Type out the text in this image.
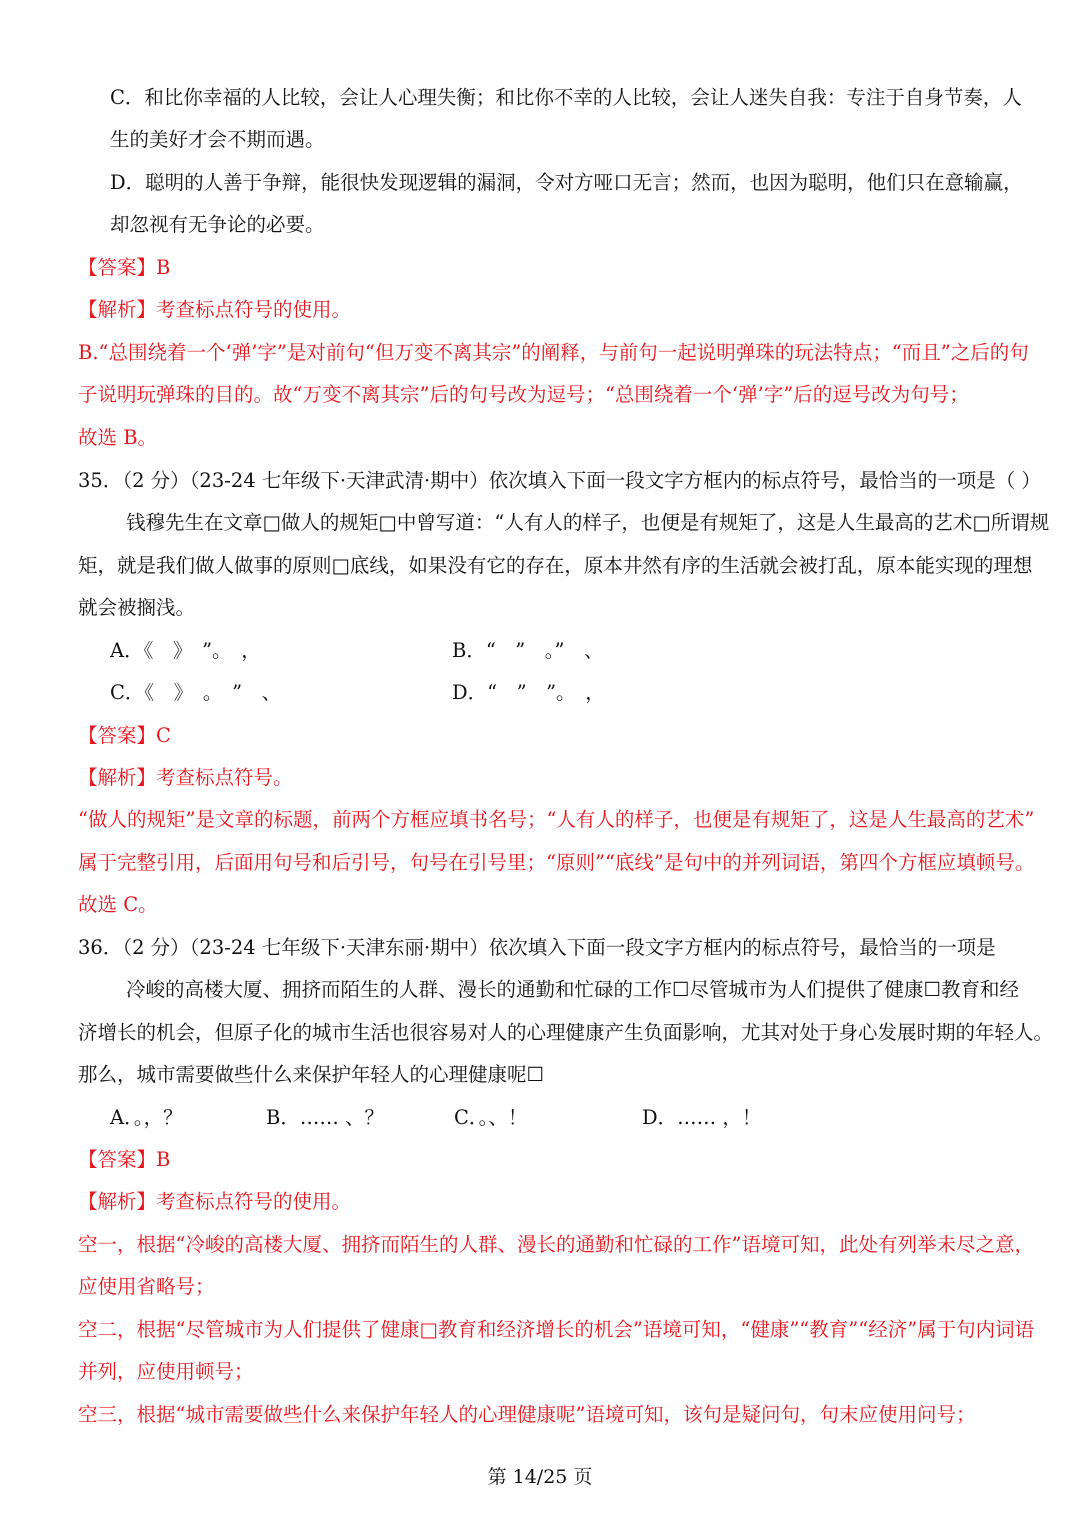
C．和比你幸福的人比较，会让人心理失衡；和比你不幸的人比较，会让人迷失自我：专注于自身节奏，人
生的美好才会不期而遇。
D．聪明的人善于争辩，能很快发现逻辑的漏洞，令对方哑口无言；然而，也因为聪明，他们只在意输赢，
却忽视有无争论的必要。
【答案】B
【解析】考查标点符号的使用。
B.“总围绕着一个‘弹’字”是对前句“但万变不离其宗”的阐释，与前句一起说明弹珠的玩法特点；“而且”之后的句
子说明玩弹珠的目的。故“万变不离其宗”后的句号改为逗号；“总围绕着一个‘弹’字”后的逗号改为句号；
故选 B。
35．（2 分）（23-24 七年级下·天津武清·期中）依次填入下面一段文字方框内的标点符号，最恰当的一项是（ ）
钱穆先生在文章□做人的规矩□中曾写道：“人有人的样子，也便是有规矩了，这是人生最高的艺术□所谓规
矩，就是我们做人做事的原则□底线，如果没有它的存在，原本井然有序的生活就会被打乱，原本能实现的理想
就会被搁浅。
A．《　》　”。　，	B．“　”　。”　、
C．《　》　。　”　、	D．“　”　”。　，
【答案】C
【解析】考查标点符号。
“做人的规矩”是文章的标题，前两个方框应填书名号；“人有人的样子，也便是有规矩了，这是人生最高的艺术”
属于完整引用，后面用句号和后引号，句号在引号里；“原则”“底线”是句中的并列词语，第四个方框应填顿号。
故选 C。
36．（2 分）（23-24 七年级下·天津东丽·期中）依次填入下面一段文字方框内的标点符号，最恰当的一项是
冷峻的高楼大厦、拥挤而陌生的人群、漫长的通勤和忙碌的工作☐尽管城市为人们提供了健康☐教育和经
济增长的机会，但原子化的城市生活也很容易对人的心理健康产生负面影响，尤其对处于身心发展时期的年轻人。
那么，城市需要做些什么来保护年轻人的心理健康呢☐
A．。，？	B．…… 、？	C．。、！	D．…… ，！
【答案】B
【解析】考查标点符号的使用。
空一，根据“冷峻的高楼大厦、拥挤而陌生的人群、漫长的通勤和忙碌的工作”语境可知，此处有列举未尽之意，
应使用省略号；
空二，根据“尽管城市为人们提供了健康□教育和经济增长的机会”语境可知，“健康”“教育”“经济”属于句内词语
并列，应使用顿号；
空三，根据“城市需要做些什么来保护年轻人的心理健康呢”语境可知，该句是疑问句，句末应使用问号；
第 14/25 页
